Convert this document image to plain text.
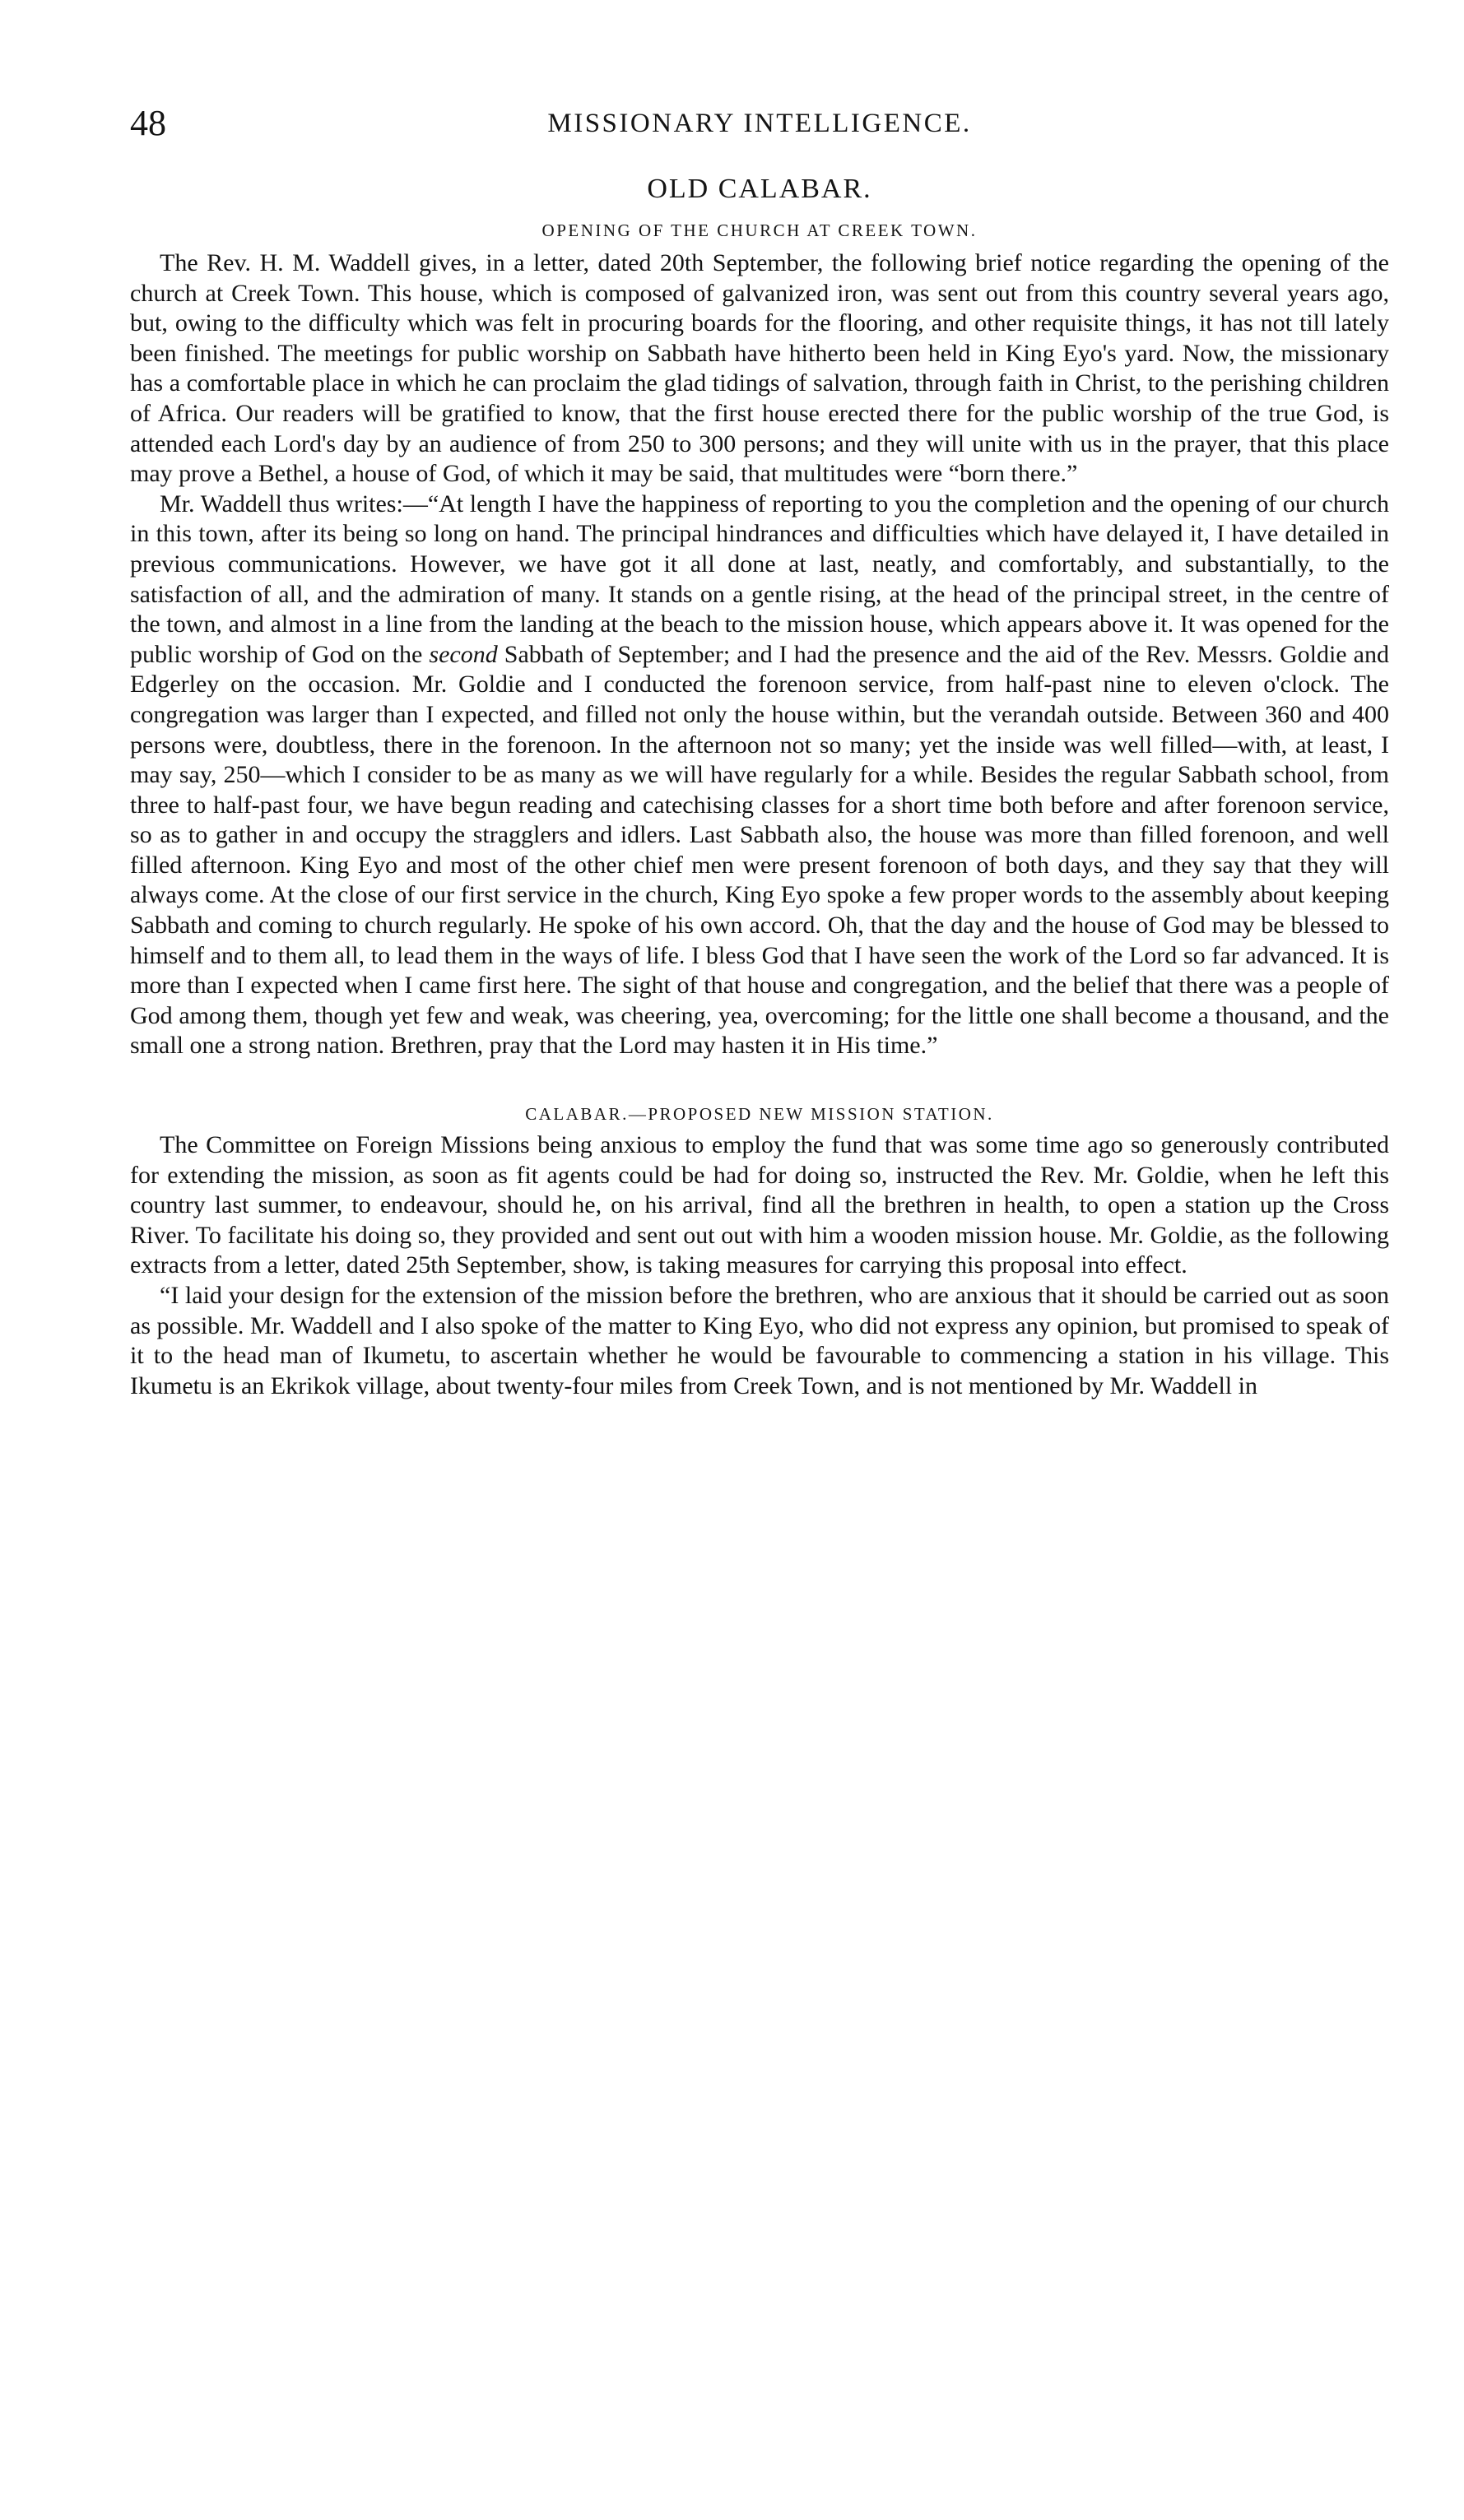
48	MISSIONARY INTELLIGENCE.
OLD CALABAR.
OPENING OF THE CHURCH AT CREEK TOWN.

The Rev. H. M. Waddell gives, in a letter, dated 20th September, the following brief notice regarding the opening of the church at Creek Town. This house, which is composed of galvanized iron, was sent out from this country several years ago, but, owing to the difficulty which was felt in procuring boards for the flooring, and other requisite things, it has not till lately been finished. The meetings for public worship on Sabbath have hitherto been held in King Eyo's yard. Now, the missionary has a comfortable place in which he can proclaim the glad tidings of salvation, through faith in Christ, to the perishing children of Africa. Our readers will be gratified to know, that the first house erected there for the public worship of the true God, is attended each Lord's day by an audience of from 250 to 300 persons; and they will unite with us in the prayer, that this place may prove a Bethel, a house of God, of which it may be said, that multitudes were “born there.”

Mr. Waddell thus writes:—“At length I have the happiness of reporting to you the completion and the opening of our church in this town, after its being so long on hand. The principal hindrances and difficulties which have delayed it, I have detailed in previous communications. However, we have got it all done at last, neatly, and comfortably, and substantially, to the satisfaction of all, and the admiration of many. It stands on a gentle rising, at the head of the principal street, in the centre of the town, and almost in a line from the landing at the beach to the mission house, which appears above it. It was opened for the public worship of God on the second Sabbath of September; and I had the presence and the aid of the Rev. Messrs. Goldie and Edgerley on the occasion. Mr. Goldie and I conducted the forenoon service, from half-past nine to eleven o'clock. The congregation was larger than I expected, and filled not only the house within, but the verandah outside. Between 360 and 400 persons were, doubtless, there in the forenoon. In the afternoon not so many; yet the inside was well filled—with, at least, I may say, 250—which I consider to be as many as we will have regularly for a while. Besides the regular Sabbath school, from three to half-past four, we have begun reading and catechising classes for a short time both before and after forenoon service, so as to gather in and occupy the stragglers and idlers. Last Sabbath also, the house was more than filled forenoon, and well filled afternoon. King Eyo and most of the other chief men were present forenoon of both days, and they say that they will always come. At the close of our first service in the church, King Eyo spoke a few proper words to the assembly about keeping Sabbath and coming to church regularly. He spoke of his own accord. Oh, that the day and the house of God may be blessed to himself and to them all, to lead them in the ways of life. I bless God that I have seen the work of the Lord so far advanced. It is more than I expected when I came first here. The sight of that house and congregation, and the belief that there was a people of God among them, though yet few and weak, was cheering, yea, overcoming; for the little one shall become a thousand, and the small one a strong nation. Brethren, pray that the Lord may hasten it in His time.”

CALABAR.—PROPOSED NEW MISSION STATION.

The Committee on Foreign Missions being anxious to employ the fund that was some time ago so generously contributed for extending the mission, as soon as fit agents could be had for doing so, instructed the Rev. Mr. Goldie, when he left this country last summer, to endeavour, should he, on his arrival, find all the brethren in health, to open a station up the Cross River. To facilitate his doing so, they provided and sent out out with him a wooden mission house. Mr. Goldie, as the following extracts from a letter, dated 25th September, show, is taking measures for carrying this proposal into effect.

“I laid your design for the extension of the mission before the brethren, who are anxious that it should be carried out as soon as possible. Mr. Waddell and I also spoke of the matter to King Eyo, who did not express any opinion, but promised to speak of it to the head man of Ikumetu, to ascertain whether he would be favourable to commencing a station in his village. This Ikumetu is an Ekrikok village, about twenty-four miles from Creek Town, and is not mentioned by Mr. Waddell in
